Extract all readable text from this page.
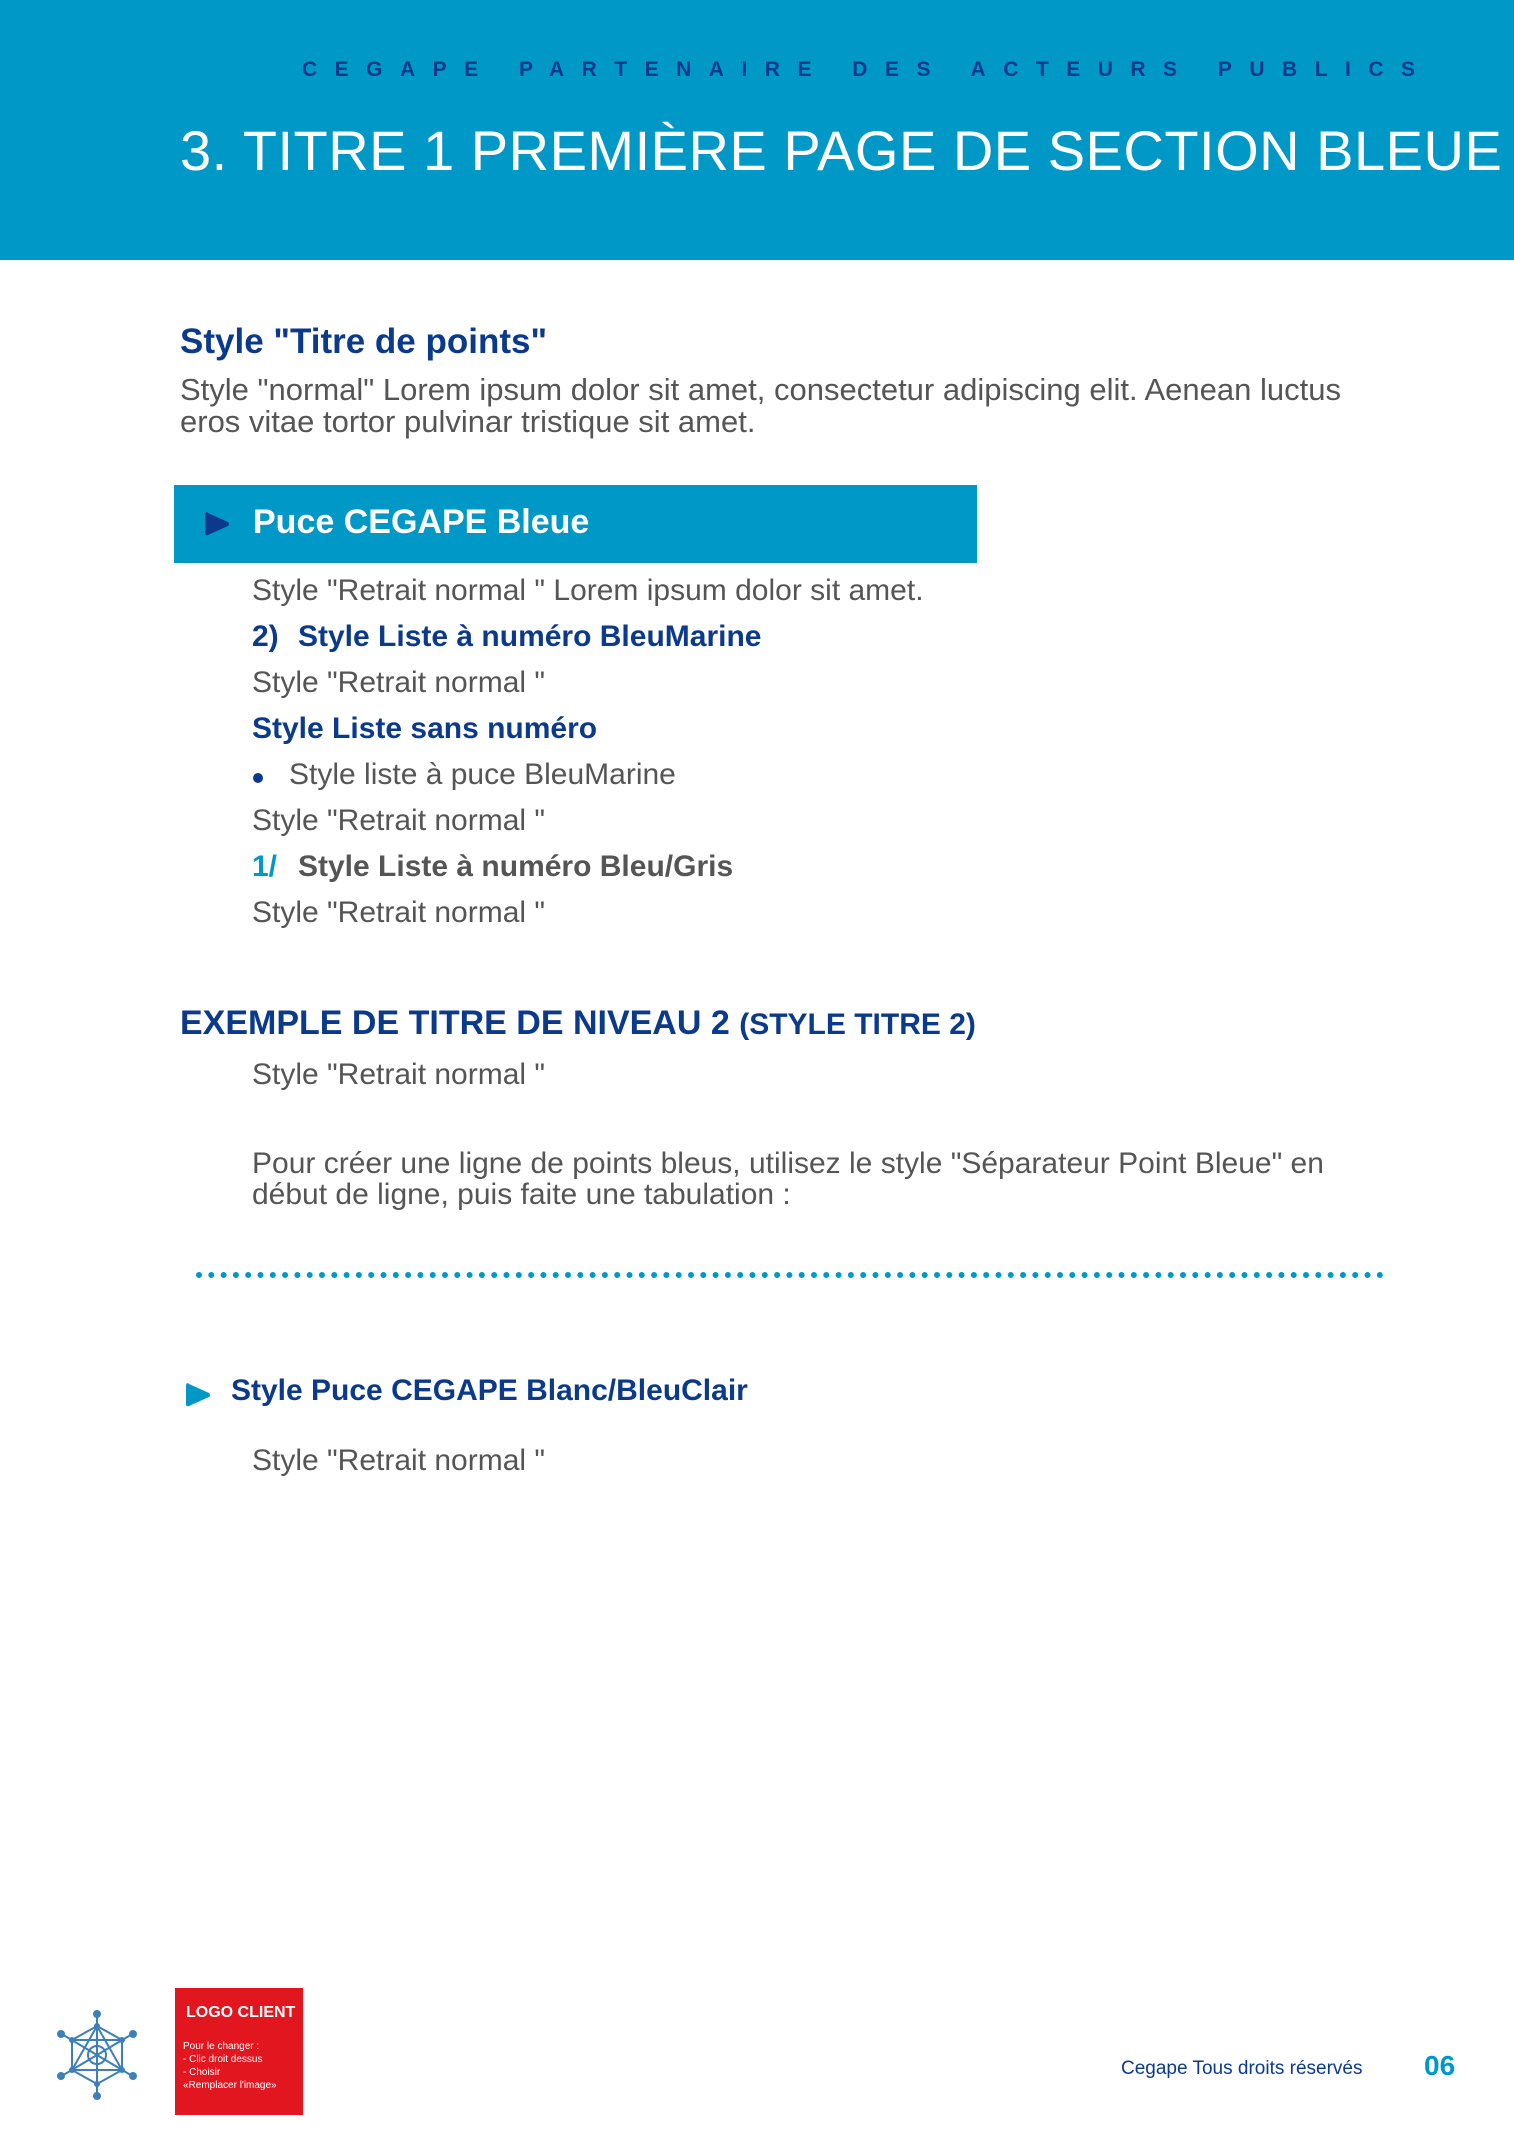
CEGAPE PARTENAIRE DES ACTEURS PUBLICS
3. TITRE 1 PREMIÈRE PAGE DE SECTION BLEUE
Style "Titre de points"
Style "normal" Lorem ipsum dolor sit amet, consectetur adipiscing elit. Aenean luctus eros vitae tortor pulvinar tristique sit amet.
Puce CEGAPE Bleue
Style "Retrait normal " Lorem ipsum dolor sit amet.
2) Style Liste à numéro BleuMarine
Style "Retrait normal "
Style Liste sans numéro
Style liste à puce BleuMarine
Style "Retrait normal "
1/ Style Liste à numéro Bleu/Gris
Style "Retrait normal "
EXEMPLE DE TITRE DE NIVEAU 2 (STYLE TITRE 2)
Style "Retrait normal "
Pour créer une ligne de points bleus, utilisez le style "Séparateur Point Bleue" en début de ligne, puis faite une tabulation :
Style Puce CEGAPE Blanc/BleuClair
Style "Retrait normal "
LOGO CLIENT
Pour le changer :
- Clic droit dessus
- Choisir
«Remplacer l'image»
Cegape Tous droits réservés 06
